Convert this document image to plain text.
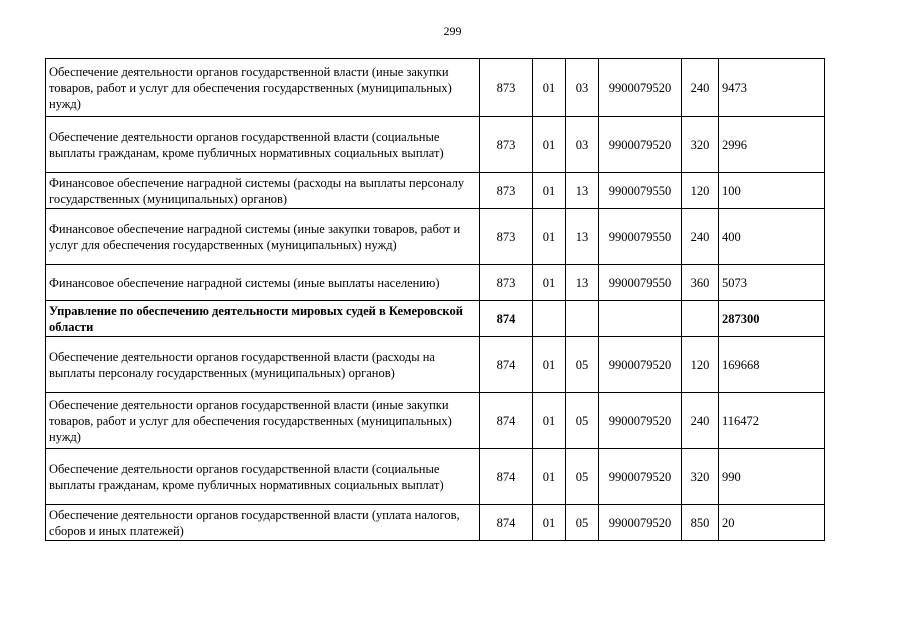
299
Обеспечение деятельности органов государственной власти (иные закупки товаров, работ и услуг для обеспечения государственных (муниципальных) нужд)	873	01	03	9900079520	240	9473
Обеспечение деятельности органов государственной власти (социальные выплаты гражданам, кроме публичных нормативных социальных выплат)	873	01	03	9900079520	320	2996
Финансовое обеспечение наградной системы (расходы на выплаты персоналу государственных (муниципальных) органов)	873	01	13	9900079550	120	100
Финансовое обеспечение наградной системы (иные закупки товаров, работ и услуг для обеспечения государственных (муниципальных) нужд)	873	01	13	9900079550	240	400
Финансовое обеспечение наградной системы (иные выплаты населению)	873	01	13	9900079550	360	5073
Управление по обеспечению деятельности мировых судей в Кемеровской области	874					287300
Обеспечение деятельности органов государственной власти (расходы на выплаты персоналу государственных (муниципальных) органов)	874	01	05	9900079520	120	169668
Обеспечение деятельности органов государственной власти (иные закупки товаров, работ и услуг для обеспечения государственных (муниципальных) нужд)	874	01	05	9900079520	240	116472
Обеспечение деятельности органов государственной власти (социальные выплаты гражданам, кроме публичных нормативных социальных выплат)	874	01	05	9900079520	320	990
Обеспечение деятельности органов государственной власти (уплата налогов, сборов и иных платежей)	874	01	05	9900079520	850	20
